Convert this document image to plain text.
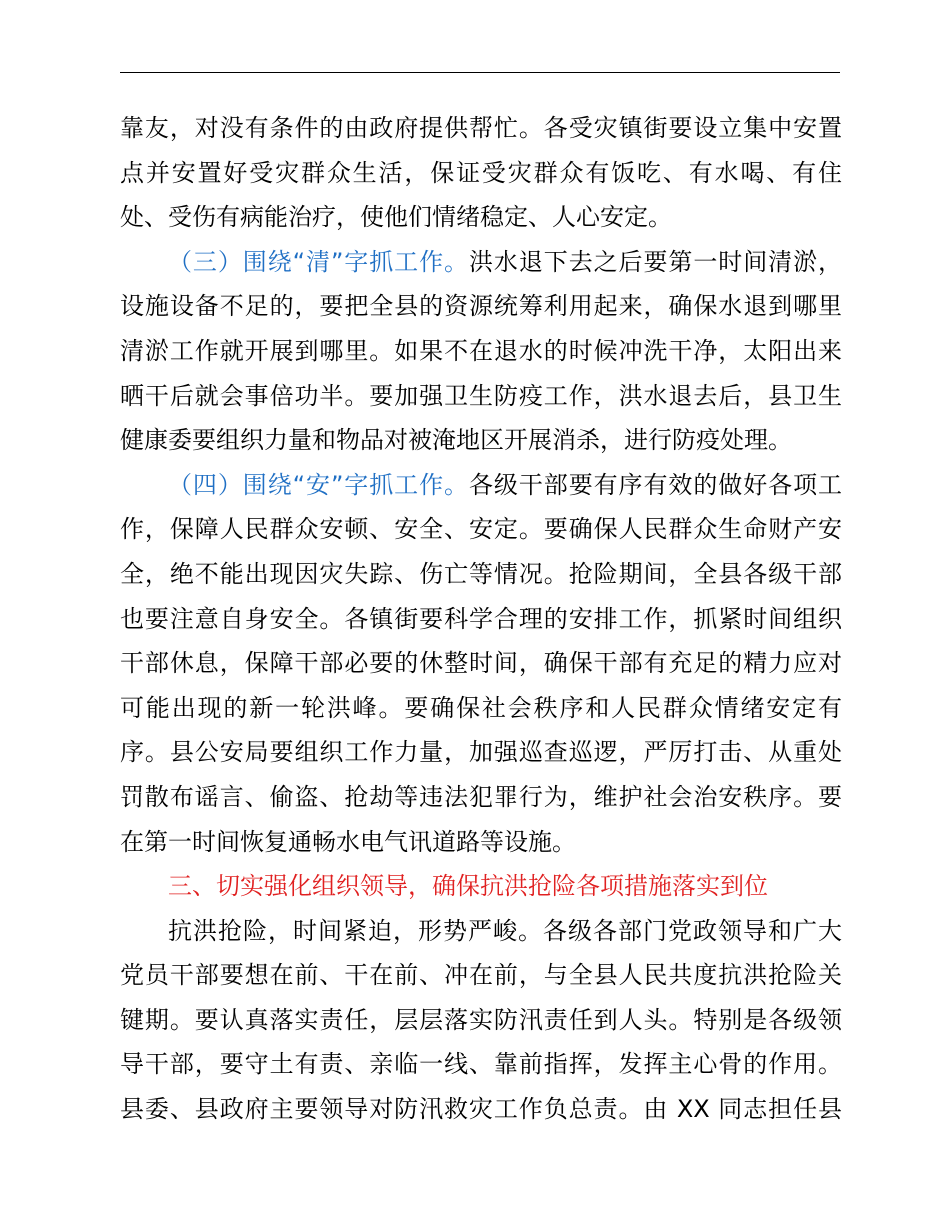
靠友，对没有条件的由政府提供帮忙。各受灾镇街要设立集中安置
点并安置好受灾群众生活，保证受灾群众有饭吃、有水喝、有住
处、受伤有病能治疗，使他们情绪稳定、人心安定。
（三）围绕“清”字抓工作。洪水退下去之后要第一时间清淤，
设施设备不足的，要把全县的资源统筹利用起来，确保水退到哪里
清淤工作就开展到哪里。如果不在退水的时候冲洗干净，太阳出来
晒干后就会事倍功半。要加强卫生防疫工作，洪水退去后，县卫生
健康委要组织力量和物品对被淹地区开展消杀，进行防疫处理。
（四）围绕“安”字抓工作。各级干部要有序有效的做好各项工
作，保障人民群众安顿、安全、安定。要确保人民群众生命财产安
全，绝不能出现因灾失踪、伤亡等情况。抢险期间，全县各级干部
也要注意自身安全。各镇街要科学合理的安排工作，抓紧时间组织
干部休息，保障干部必要的休整时间，确保干部有充足的精力应对
可能出现的新一轮洪峰。要确保社会秩序和人民群众情绪安定有
序。县公安局要组织工作力量，加强巡查巡逻，严厉打击、从重处
罚散布谣言、偷盗、抢劫等违法犯罪行为，维护社会治安秩序。要
在第一时间恢复通畅水电气讯道路等设施。
三、切实强化组织领导，确保抗洪抢险各项措施落实到位
抗洪抢险，时间紧迫，形势严峻。各级各部门党政领导和广大
党员干部要想在前、干在前、冲在前，与全县人民共度抗洪抢险关
键期。要认真落实责任，层层落实防汛责任到人头。特别是各级领
导干部，要守土有责、亲临一线、靠前指挥，发挥主心骨的作用。
县委、县政府主要领导对防汛救灾工作负总责。由 XX 同志担任县
